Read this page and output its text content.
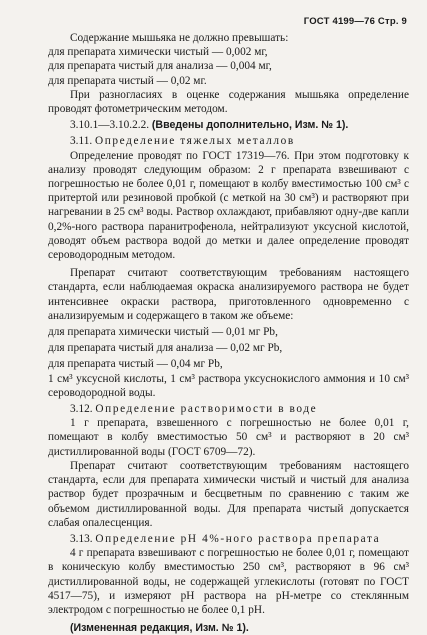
ГОСТ 4199—76 Стр. 9

Содержание мышьяка не должно превышать:

для препарата химически чистый — 0,002 мг,

для препарата чистый для анализа — 0,004 мг,

для препарата чистый — 0,02 мг.

При разногласиях в оценке содержания мышьяка определение проводят фотометрическим методом.

3.10.1—3.10.2.2. (Введены дополнительно, Изм. № 1).

3.11. Определение тяжелых металлов

Определение проводят по ГОСТ 17319—76. При этом подготовку к анализу проводят следующим образом: 2 г препарата взвешивают с погрешностью не более 0,01 г, помещают в колбу вместимостью 100 см³ с притертой или резиновой пробкой (с меткой на 30 см³) и растворяют при нагревании в 25 см³ воды. Раствор охлаждают, прибавляют одну-две капли 0,2%-ного раствора паранитрофенола, нейтрализуют уксусной кислотой, доводят объем раствора водой до метки и далее определение проводят сероводородным методом.

Препарат считают соответствующим требованиям настоящего стандарта, если наблюдаемая окраска анализируемого раствора не будет интенсивнее окраски раствора, приготовленного одновременно с анализируемым и содержащего в таком же объеме:

для препарата химически чистый — 0,01 мг Pb,

для препарата чистый для анализа — 0,02 мг Pb,

для препарата чистый — 0,04 мг Pb,

1 см³ уксусной кислоты, 1 см³ раствора уксуснокислого аммония и 10 см³ сероводородной воды.

3.12. Определение растворимости в воде

1 г препарата, взвешенного с погрешностью не более 0,01 г, помещают в колбу вместимостью 50 см³ и растворяют в 20 см³ дистиллированной воды (ГОСТ 6709—72).

Препарат считают соответствующим требованиям настоящего стандарта, если для препарата химически чистый и чистый для анализа раствор будет прозрачным и бесцветным по сравнению с таким же объемом дистиллированной воды. Для препарата чистый допускается слабая опалесценция.

3.13. Определение pH 4%-ного раствора препарата

4 г препарата взвешивают с погрешностью не более 0,01 г, помещают в коническую колбу вместимостью 250 см³, растворяют в 96 см³ дистиллированной воды, не содержащей углекислоты (готовят по ГОСТ 4517—75), и измеряют pH раствора на pH-метре со стеклянным электродом с погрешностью не более 0,1 pH.

(Измененная редакция, Изм. № 1).
